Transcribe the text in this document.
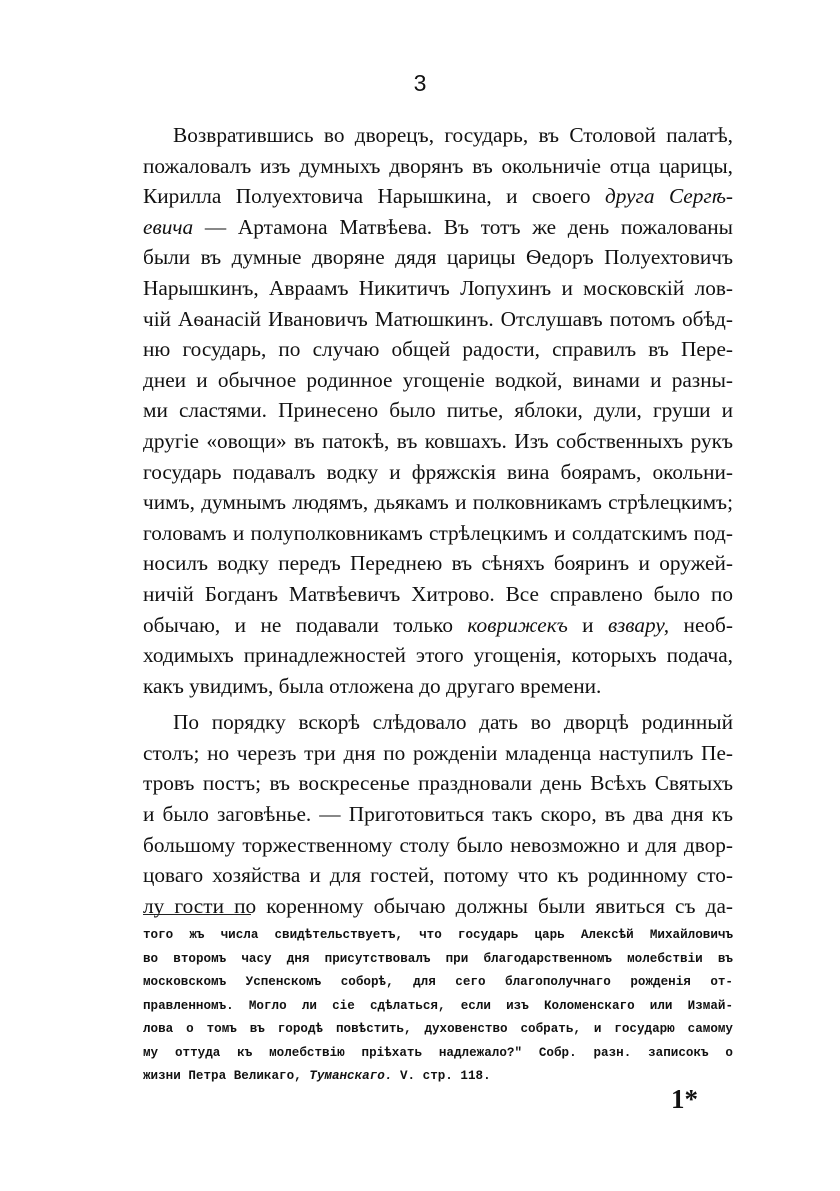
3
Возвратившись во дворецъ, государь, въ Столовой палатѣ,
пожаловалъ изъ думныхъ дворянъ въ окольничіе отца царицы,
Кирилла Полуехтовича Нарышкина, и своего друга Сергѣ-
евича — Артамона Матвѣева. Въ тотъ же день пожалованы
были въ думные дворяне дядя царицы Ѳедоръ Полуехтовичъ
Нарышкинъ, Авраамъ Никитичъ Лопухинъ и московскій лов-
чій Аѳанасій Ивановичъ Матюшкинъ. Отслушавъ потомъ обѣд-
ню государь, по случаю общей радости, справилъ въ Пере-
днеи и обычное родинное угощеніе водкой, винами и разны-
ми сластями. Принесено было питье, яблоки, дули, груши и
другіе «овощи» въ патокѣ, въ ковшахъ. Изъ собственныхъ рукъ
государь подавалъ водку и фряжскія вина боярамъ, окольни-
чимъ, думнымъ людямъ, дьякамъ и полковникамъ стрѣлецкимъ;
головамъ и полуполковникамъ стрѣлецкимъ и солдатскимъ под-
носилъ водку передъ Переднею въ сѣняхъ бояринъ и оружей-
ничій Богданъ Матвѣевичъ Хитрово. Все справлено было по
обычаю, и не подавали только коврижекъ и взвару, необ-
ходимыхъ принадлежностей этого угощенія, которыхъ подача,
какъ увидимъ, была отложена до другаго времени.
По порядку вскорѣ слѣдовало дать во дворцѣ родинный
столъ; но черезъ три дня по рожденіи младенца наступилъ Пе-
тровъ постъ; въ воскресенье праздновали день Всѣхъ Святыхъ
и было заговѣнье. — Приготовиться такъ скоро, въ два дня къ
большому торжественному столу было невозможно и для двор-
цоваго хозяйства и для гостей, потому что къ родинному сто-
лу гости по коренному обычаю должны были явиться съ да-
того жъ числа свидѣтельствуетъ, что государь царь Алексѣй Михайловичъ
во второмъ часу дня присутствовалъ при благодарственномъ молебствіи въ
московскомъ Успенскомъ соборѣ, для сего благополучнаго рожденія от-
правленномъ. Могло ли сіе сдѣлаться, если изъ Коломенскаго или Измай-
лова о томъ въ городѣ повѣстить, духовенство собрать, и государю самому
му оттуда къ молебствію пріѣхать надлежало?" Собр. разн. записокъ о
жизни Петра Великаго, Туманскаго. V. стр. 118.
1*
